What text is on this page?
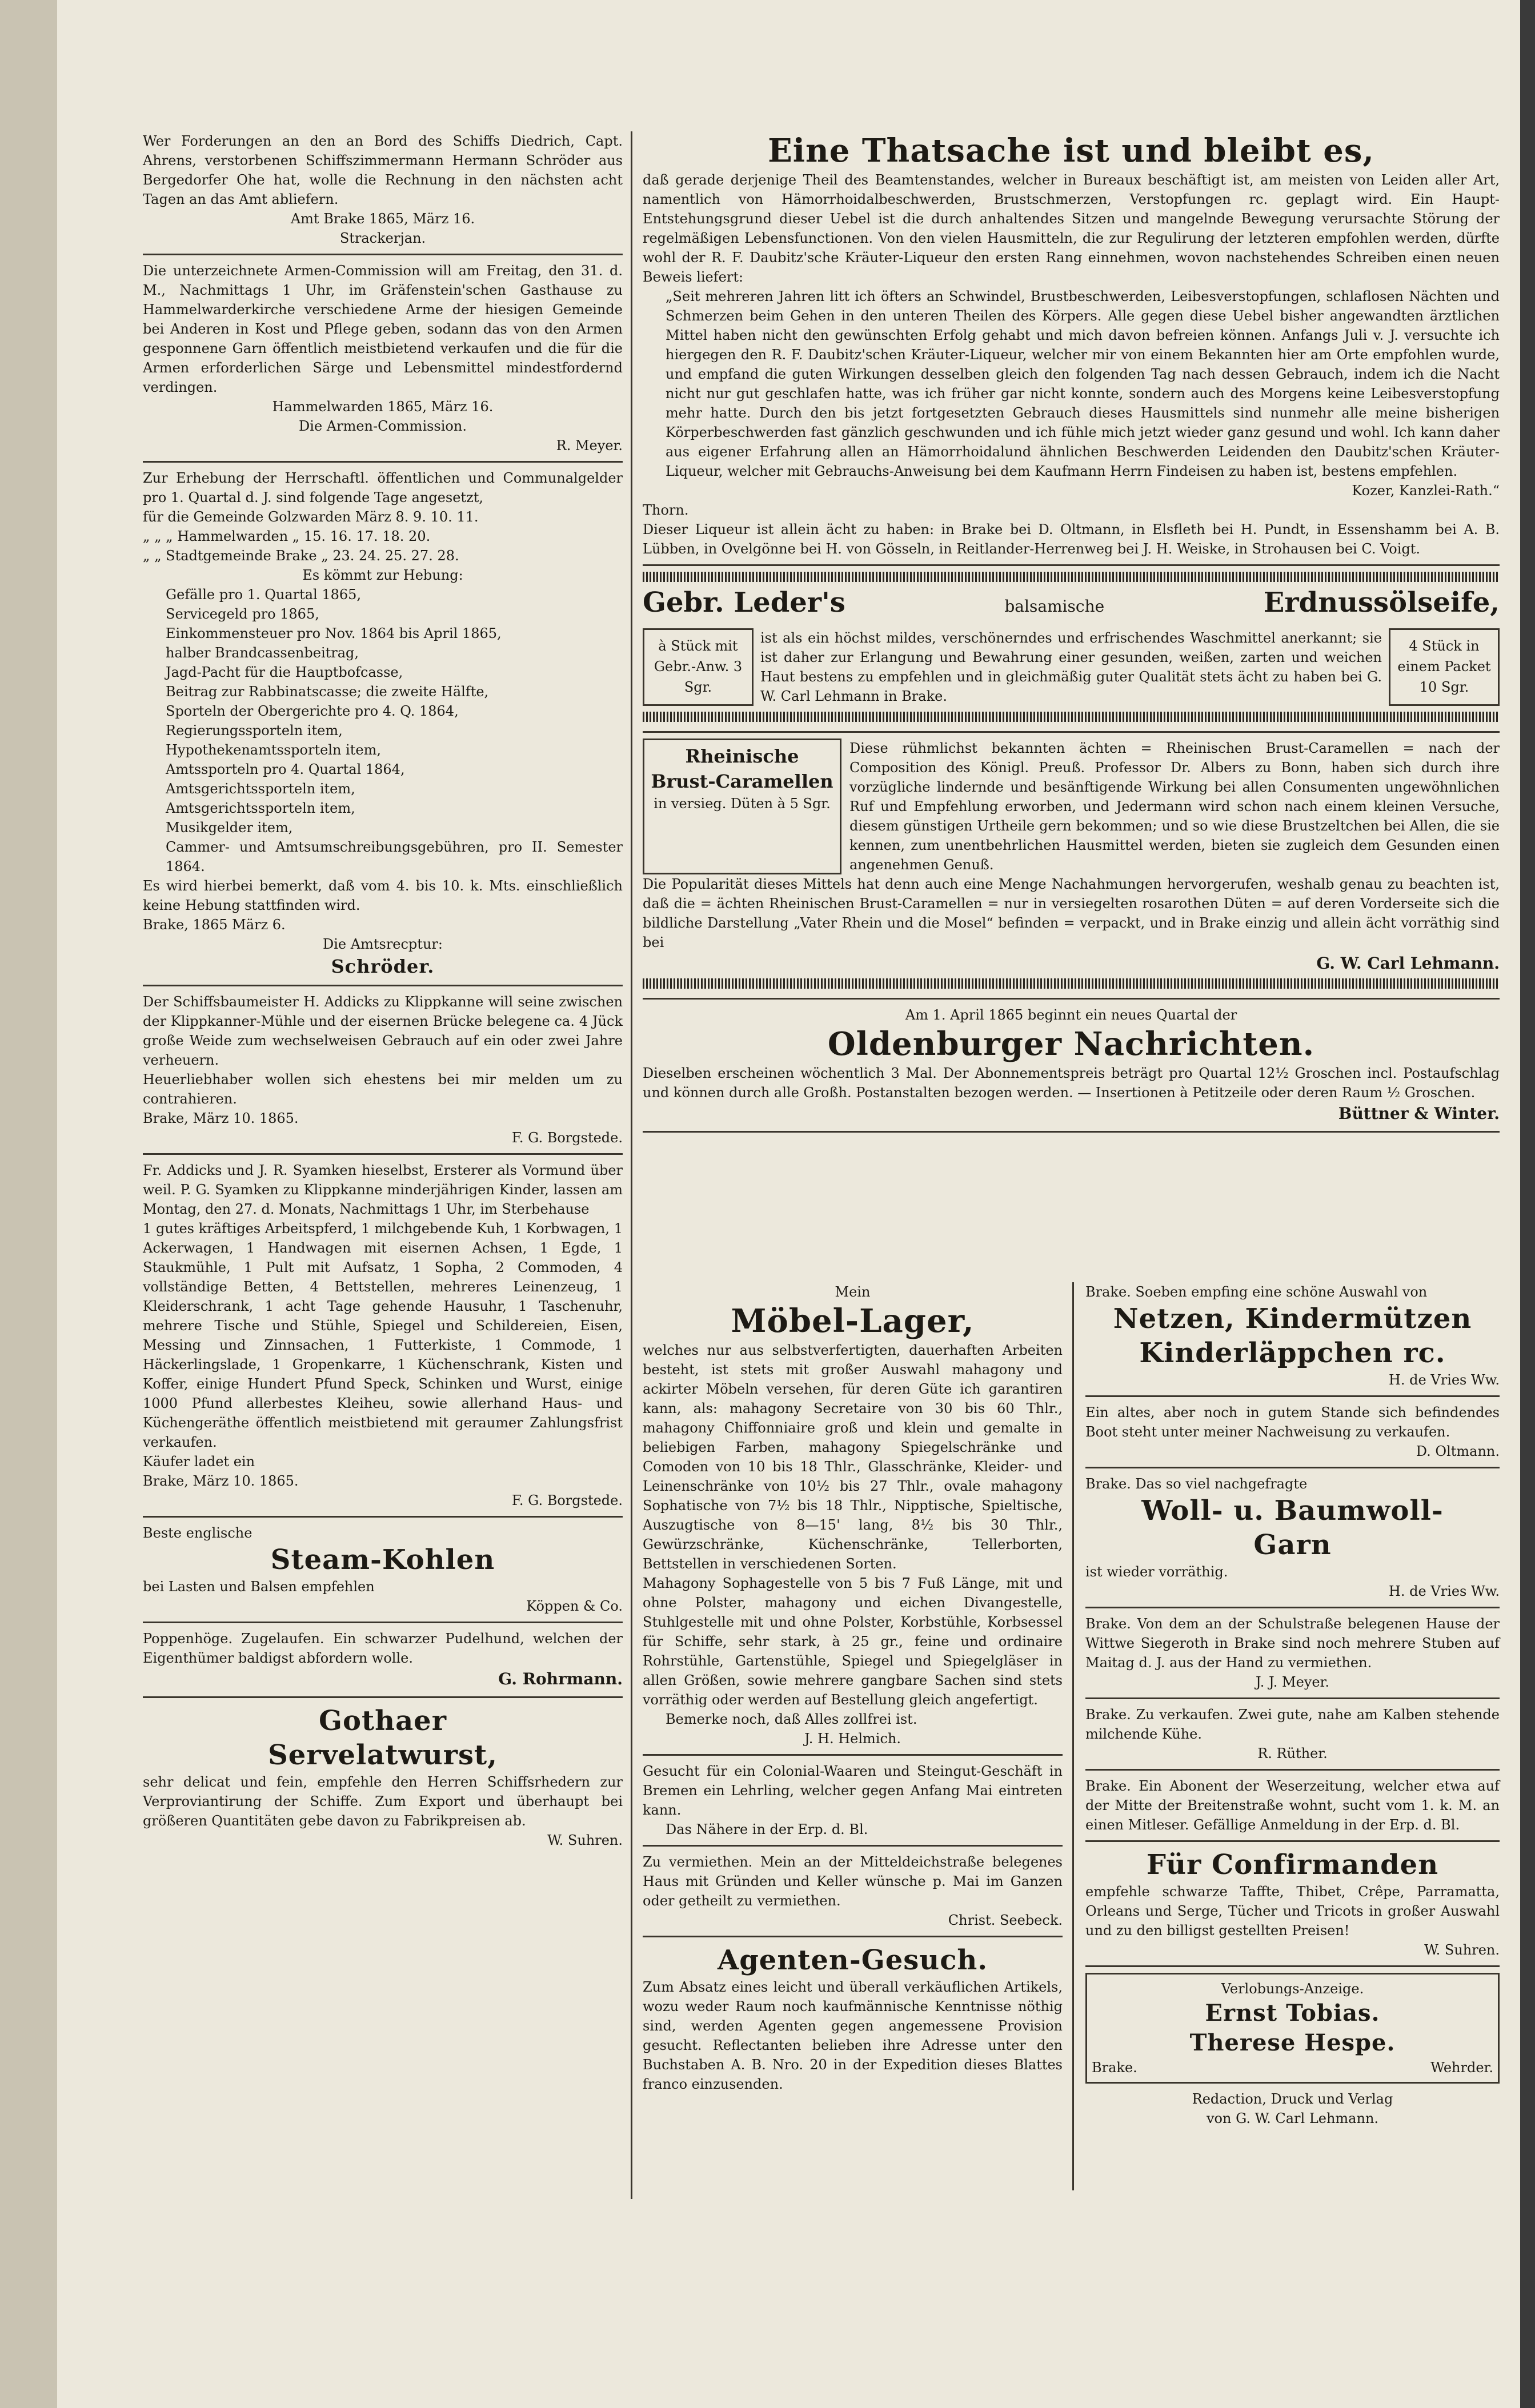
Wer Forderungen an den an Bord des Schiffs Diedrich, Capt. Ahrens, verstorbenen Schiffszimmermann Hermann Schröder aus Bergedorfer Ohe hat, wolle die Rechnung in den nächsten acht Tagen an das Amt abliefern.

Amt Brake 1865, März 16.

Strackerjan.

Die unterzeichnete Armen-Commission will am Freitag, den 31. d. M., Nachmittags 1 Uhr, im Gräfenstein'schen Gasthause zu Hammelwarderkirche verschiedene Arme der hiesigen Gemeinde bei Anderen in Kost und Pflege geben, sodann das von den Armen gesponnene Garn öffentlich meistbietend verkaufen und die für die Armen erforderlichen Särge und Lebensmittel mindestfordernd verdingen.

Hammelwarden 1865, März 16.

Die Armen-Commission.

R. Meyer.

Zur Erhebung der Herrschaftl. öffentlichen und Communalgelder pro 1. Quartal d. J. sind folgende Tage angesetzt,

für die Gemeinde Golzwarden März 8. 9. 10. 11.

„ „ „ Hammelwarden „ 15. 16. 17. 18. 20.

„ „ Stadtgemeinde Brake „ 23. 24. 25. 27. 28.

Es kömmt zur Hebung:

Gefälle pro 1. Quartal 1865,

Servicegeld pro 1865,

Einkommensteuer pro Nov. 1864 bis April 1865,

halber Brandcassenbeitrag,

Jagd-Pacht für die Hauptbofcasse,

Beitrag zur Rabbinatscasse; die zweite Hälfte,

Sporteln der Obergerichte pro 4. Q. 1864,

Regierungssporteln item,

Hypothekenamtssporteln item,

Amtssporteln pro 4. Quartal 1864,

Amtsgerichtssporteln item,

Amtsgerichtssporteln item,

Musikgelder item,

Cammer- und Amtsumschreibungsgebühren, pro II. Semester 1864.

Es wird hierbei bemerkt, daß vom 4. bis 10. k. Mts. einschließlich keine Hebung stattfinden wird.

Brake, 1865 März 6.

Die Amtsrecptur:

Schröder.

Der Schiffsbaumeister H. Addicks zu Klippkanne will seine zwischen der Klippkanner-Mühle und der eisernen Brücke belegene ca. 4 Jück große Weide zum wechselweisen Gebrauch auf ein oder zwei Jahre verheuern.

Heuerliebhaber wollen sich ehestens bei mir melden um zu contrahieren.

Brake, März 10. 1865.

F. G. Borgstede.

Fr. Addicks und J. R. Syamken hieselbst, Ersterer als Vormund über weil. P. G. Syamken zu Klippkanne minderjährigen Kinder, lassen am Montag, den 27. d. Monats, Nachmittags 1 Uhr, im Sterbehause

1 gutes kräftiges Arbeitspferd, 1 milchgebende Kuh, 1 Korbwagen, 1 Ackerwagen, 1 Handwagen mit eisernen Achsen, 1 Egde, 1 Staukmühle, 1 Pult mit Aufsatz, 1 Sopha, 2 Commoden, 4 vollständige Betten, 4 Bettstellen, mehreres Leinenzeug, 1 Kleiderschrank, 1 acht Tage gehende Hausuhr, 1 Taschenuhr, mehrere Tische und Stühle, Spiegel und Schildereien, Eisen, Messing und Zinnsachen, 1 Futterkiste, 1 Commode, 1 Häckerlingslade, 1 Gropenkarre, 1 Küchenschrank, Kisten und Koffer, einige Hundert Pfund Speck, Schinken und Wurst, einige 1000 Pfund allerbestes Kleiheu, sowie allerhand Haus- und Küchengeräthe öffentlich meistbietend mit geraumer Zahlungsfrist verkaufen.

Käufer ladet ein

Brake, März 10. 1865.

F. G. Borgstede.

Beste englische

Steam-Kohlen

bei Lasten und Balsen empfehlen

Köppen & Co.

Poppenhöge. Zugelaufen. Ein schwarzer Pudelhund, welchen der Eigenthümer baldigst abfordern wolle.

G. Rohrmann.

Gothaer

Servelatwurst,

sehr delicat und fein, empfehle den Herren Schiffsrhedern zur Verproviantirung der Schiffe. Zum Export und überhaupt bei größeren Quantitäten gebe davon zu Fabrikpreisen ab.

W. Suhren.

Eine Thatsache ist und bleibt es,

daß gerade derjenige Theil des Beamtenstandes, welcher in Bureaux beschäftigt ist, am meisten von Leiden aller Art, namentlich von Hämorrhoidalbeschwerden, Brustschmerzen, Verstopfungen rc. geplagt wird. Ein Haupt-Entstehungsgrund dieser Uebel ist die durch anhaltendes Sitzen und mangelnde Bewegung verursachte Störung der regelmäßigen Lebensfunctionen. Von den vielen Hausmitteln, die zur Regulirung der letzteren empfohlen werden, dürfte wohl der R. F. Daubitz'sche Kräuter-Liqueur den ersten Rang einnehmen, wovon nachstehendes Schreiben einen neuen Beweis liefert:

„Seit mehreren Jahren litt ich öfters an Schwindel, Brustbeschwerden, Leibesverstopfungen, schlaflosen Nächten und Schmerzen beim Gehen in den unteren Theilen des Körpers. Alle gegen diese Uebel bisher angewandten ärztlichen Mittel haben nicht den gewünschten Erfolg gehabt und mich davon befreien können. Anfangs Juli v. J. versuchte ich hiergegen den R. F. Daubitz'schen Kräuter-Liqueur, welcher mir von einem Bekannten hier am Orte empfohlen wurde, und empfand die guten Wirkungen desselben gleich den folgenden Tag nach dessen Gebrauch, indem ich die Nacht nicht nur gut geschlafen hatte, was ich früher gar nicht konnte, sondern auch des Morgens keine Leibesverstopfung mehr hatte. Durch den bis jetzt fortgesetzten Gebrauch dieses Hausmittels sind nunmehr alle meine bisherigen Körperbeschwerden fast gänzlich geschwunden und ich fühle mich jetzt wieder ganz gesund und wohl. Ich kann daher aus eigener Erfahrung allen an Hämorrhoidalund ähnlichen Beschwerden Leidenden den Daubitz'schen Kräuter-Liqueur, welcher mit Gebrauchs-Anweisung bei dem Kaufmann Herrn Findeisen zu haben ist, bestens empfehlen.

Kozer, Kanzlei-Rath.“

Thorn.

Dieser Liqueur ist allein ächt zu haben: in Brake bei D. Oltmann, in Elsfleth bei H. Pundt, in Essenshamm bei A. B. Lübben, in Ovelgönne bei H. von Gösseln, in Reitlander-Herrenweg bei J. H. Weiske, in Strohausen bei C. Voigt.

Gebr. Leder's	balsamische	Erdnussölseife,

à Stück mit Gebr.-Anw. 3 Sgr.

ist als ein höchst mildes, verschönerndes und erfrischendes Waschmittel anerkannt; sie ist daher zur Erlangung und Bewahrung einer gesunden, weißen, zarten und weichen Haut bestens zu empfehlen und in gleichmäßig guter Qualität stets ächt zu haben bei G. W. Carl Lehmann in Brake.

4 Stück in einem Packet 10 Sgr.

Rheinische

Brust-Caramellen

in versieg. Düten à 5 Sgr.

Diese rühmlichst bekannten ächten = Rheinischen Brust-Caramellen = nach der Composition des Königl. Preuß. Professor Dr. Albers zu Bonn, haben sich durch ihre vorzügliche lindernde und besänftigende Wirkung bei allen Consumenten ungewöhnlichen Ruf und Empfehlung erworben, und Jedermann wird schon nach einem kleinen Versuche, diesem günstigen Urtheile gern bekommen; und so wie diese Brustzeltchen bei Allen, die sie kennen, zum unentbehrlichen Hausmittel werden, bieten sie zugleich dem Gesunden einen angenehmen Genuß.

Die Popularität dieses Mittels hat denn auch eine Menge Nachahmungen hervorgerufen, weshalb genau zu beachten ist, daß die = ächten Rheinischen Brust-Caramellen = nur in versiegelten rosarothen Düten = auf deren Vorderseite sich die bildliche Darstellung „Vater Rhein und die Mosel“ befinden = verpackt, und in Brake einzig und allein ächt vorräthig sind bei

G. W. Carl Lehmann.

Am 1. April 1865 beginnt ein neues Quartal der

Oldenburger Nachrichten.

Dieselben erscheinen wöchentlich 3 Mal. Der Abonnementspreis beträgt pro Quartal 12½ Groschen incl. Postaufschlag und können durch alle Großh. Postanstalten bezogen werden. — Insertionen à Petitzeile oder deren Raum ½ Groschen.

Büttner & Winter.

Mein

Möbel-Lager,

welches nur aus selbstverfertigten, dauerhaften Arbeiten besteht, ist stets mit großer Auswahl mahagony und ackirter Möbeln versehen, für deren Güte ich garantiren kann, als: mahagony Secretaire von 30 bis 60 Thlr., mahagony Chiffonniaire groß und klein und gemalte in beliebigen Farben, mahagony Spiegelschränke und Comoden von 10 bis 18 Thlr., Glasschränke, Kleider- und Leinenschränke von 10½ bis 27 Thlr., ovale mahagony Sophatische von 7½ bis 18 Thlr., Nipptische, Spieltische, Auszugtische von 8—15' lang, 8½ bis 30 Thlr., Gewürzschränke, Küchenschränke, Tellerborten, Bettstellen in verschiedenen Sorten.

Mahagony Sophagestelle von 5 bis 7 Fuß Länge, mit und ohne Polster, mahagony und eichen Divangestelle, Stuhlgestelle mit und ohne Polster, Korbstühle, Korbsessel für Schiffe, sehr stark, à 25 gr., feine und ordinaire Rohrstühle, Gartenstühle, Spiegel und Spiegelgläser in allen Größen, sowie mehrere gangbare Sachen sind stets vorräthig oder werden auf Bestellung gleich angefertigt.

Bemerke noch, daß Alles zollfrei ist.

J. H. Helmich.

Gesucht für ein Colonial-Waaren und Steingut-Geschäft in Bremen ein Lehrling, welcher gegen Anfang Mai eintreten kann.

Das Nähere in der Erp. d. Bl.

Zu vermiethen. Mein an der Mitteldeichstraße belegenes Haus mit Gründen und Keller wünsche p. Mai im Ganzen oder getheilt zu vermiethen.

Christ. Seebeck.

Agenten-Gesuch.

Zum Absatz eines leicht und überall verkäuflichen Artikels, wozu weder Raum noch kaufmännische Kenntnisse nöthig sind, werden Agenten gegen angemessene Provision gesucht. Reflectanten belieben ihre Adresse unter den Buchstaben A. B. Nro. 20 in der Expedition dieses Blattes franco einzusenden.

Brake. Soeben empfing eine schöne Auswahl von

Netzen, Kindermützen

Kinderläppchen rc.

H. de Vries Ww.

Ein altes, aber noch in gutem Stande sich befindendes Boot steht unter meiner Nachweisung zu verkaufen.

D. Oltmann.

Brake. Das so viel nachgefragte

Woll- u. Baumwoll-

Garn

ist wieder vorräthig.

H. de Vries Ww.

Brake. Von dem an der Schulstraße belegenen Hause der Wittwe Siegeroth in Brake sind noch mehrere Stuben auf Maitag d. J. aus der Hand zu vermiethen.

J. J. Meyer.

Brake. Zu verkaufen. Zwei gute, nahe am Kalben stehende milchende Kühe.

R. Rüther.

Brake. Ein Abonent der Weserzeitung, welcher etwa auf der Mitte der Breitenstraße wohnt, sucht vom 1. k. M. an einen Mitleser. Gefällige Anmeldung in der Erp. d. Bl.

Für Confirmanden

empfehle schwarze Taffte, Thibet, Crêpe, Parramatta, Orleans und Serge, Tücher und Tricots in großer Auswahl und zu den billigst gestellten Preisen!

W. Suhren.

Verlobungs-Anzeige.

Ernst Tobias.

Therese Hespe.

Brake.	Wehrder.

Redaction, Druck und Verlag

von G. W. Carl Lehmann.
